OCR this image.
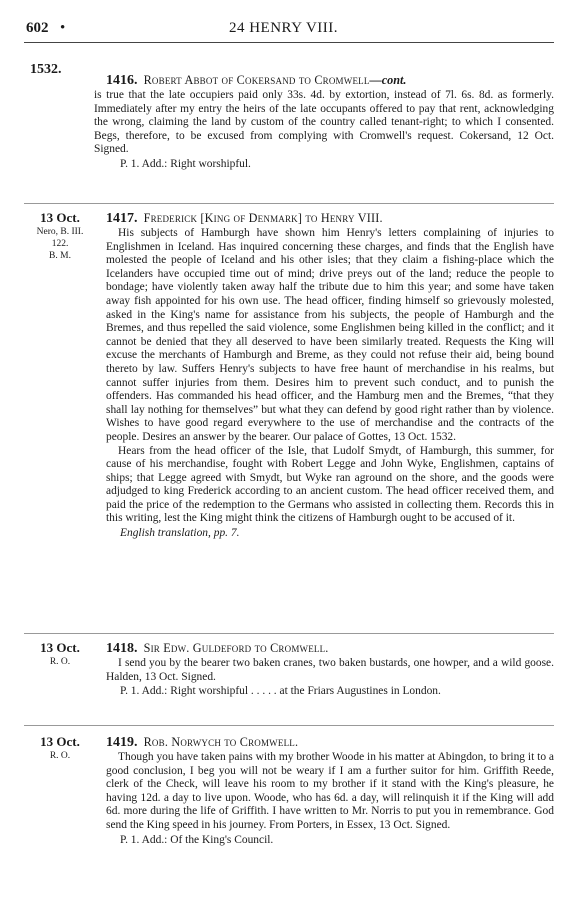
602 •	24 HENRY VIII.
1532.
1416. Robert Abbot of Cokersand to Cromwell—cont.

is true that the late occupiers paid only 33s. 4d. by extortion, instead of 7l. 6s. 8d. as formerly. Immediately after my entry the heirs of the late occupants offered to pay that rent, acknowledging the wrong, claiming the land by custom of the country called tenant-right; to which I consented. Begs, therefore, to be excused from complying with Cromwell's request. Cokersand, 12 Oct. Signed.

P. 1. Add.: Right worshipful.

13 Oct.
Nero, B. III.
122.
B. M.
1417. Frederick [King of Denmark] to Henry VIII.

His subjects of Hamburgh have shown him Henry's letters complaining of injuries to Englishmen in Iceland. Has inquired concerning these charges, and finds that the English have molested the people of Iceland and his other isles; that they claim a fishing-place which the Icelanders have occupied time out of mind; drive preys out of the land; reduce the people to bondage; have violently taken away half the tribute due to him this year; and some have taken away fish appointed for his own use. The head officer, finding himself so grievously molested, asked in the King's name for assistance from his subjects, the people of Hamburgh and the Bremes, and thus repelled the said violence, some Englishmen being killed in the conflict; and it cannot be denied that they all deserved to have been similarly treated. Requests the King will excuse the merchants of Hamburgh and Breme, as they could not refuse their aid, being bound thereto by law. Suffers Henry's subjects to have free haunt of merchandise in his realms, but cannot suffer injuries from them. Desires him to prevent such conduct, and to punish the offenders. Has commanded his head officer, and the Hamburg men and the Bremes, “that they shall lay nothing for themselves” but what they can defend by good right rather than by violence. Wishes to have good regard everywhere to the use of merchandise and the contracts of the people. Desires an answer by the bearer. Our palace of Gottes, 13 Oct. 1532.

Hears from the head officer of the Isle, that Ludolf Smydt, of Hamburgh, this summer, for cause of his merchandise, fought with Robert Legge and John Wyke, Englishmen, captains of ships; that Legge agreed with Smydt, but Wyke ran aground on the shore, and the goods were adjudged to king Frederick according to an ancient custom. The head officer received them, and paid the price of the redemption to the Germans who assisted in collecting them. Records this in this writing, lest the King might think the citizens of Hamburgh ought to be accused of it.

English translation, pp. 7.

13 Oct.
R. O.
1418. Sir Edw. Guldeford to Cromwell.

I send you by the bearer two baken cranes, two baken bustards, one howper, and a wild goose. Halden, 13 Oct. Signed.

P. 1. Add.: Right worshipful . . . . . at the Friars Augustines in London.

13 Oct.
R. O.
1419. Rob. Norwych to Cromwell.

Though you have taken pains with my brother Woode in his matter at Abingdon, to bring it to a good conclusion, I beg you will not be weary if I am a further suitor for him. Griffith Reede, clerk of the Check, will leave his room to my brother if it stand with the King's pleasure, he having 12d. a day to live upon. Woode, who has 6d. a day, will relinquish it if the King will add 6d. more during the life of Griffith. I have written to Mr. Norris to put you in remembrance. God send the King speed in his journey. From Porters, in Essex, 13 Oct. Signed.

P. 1. Add.: Of the King's Council.
